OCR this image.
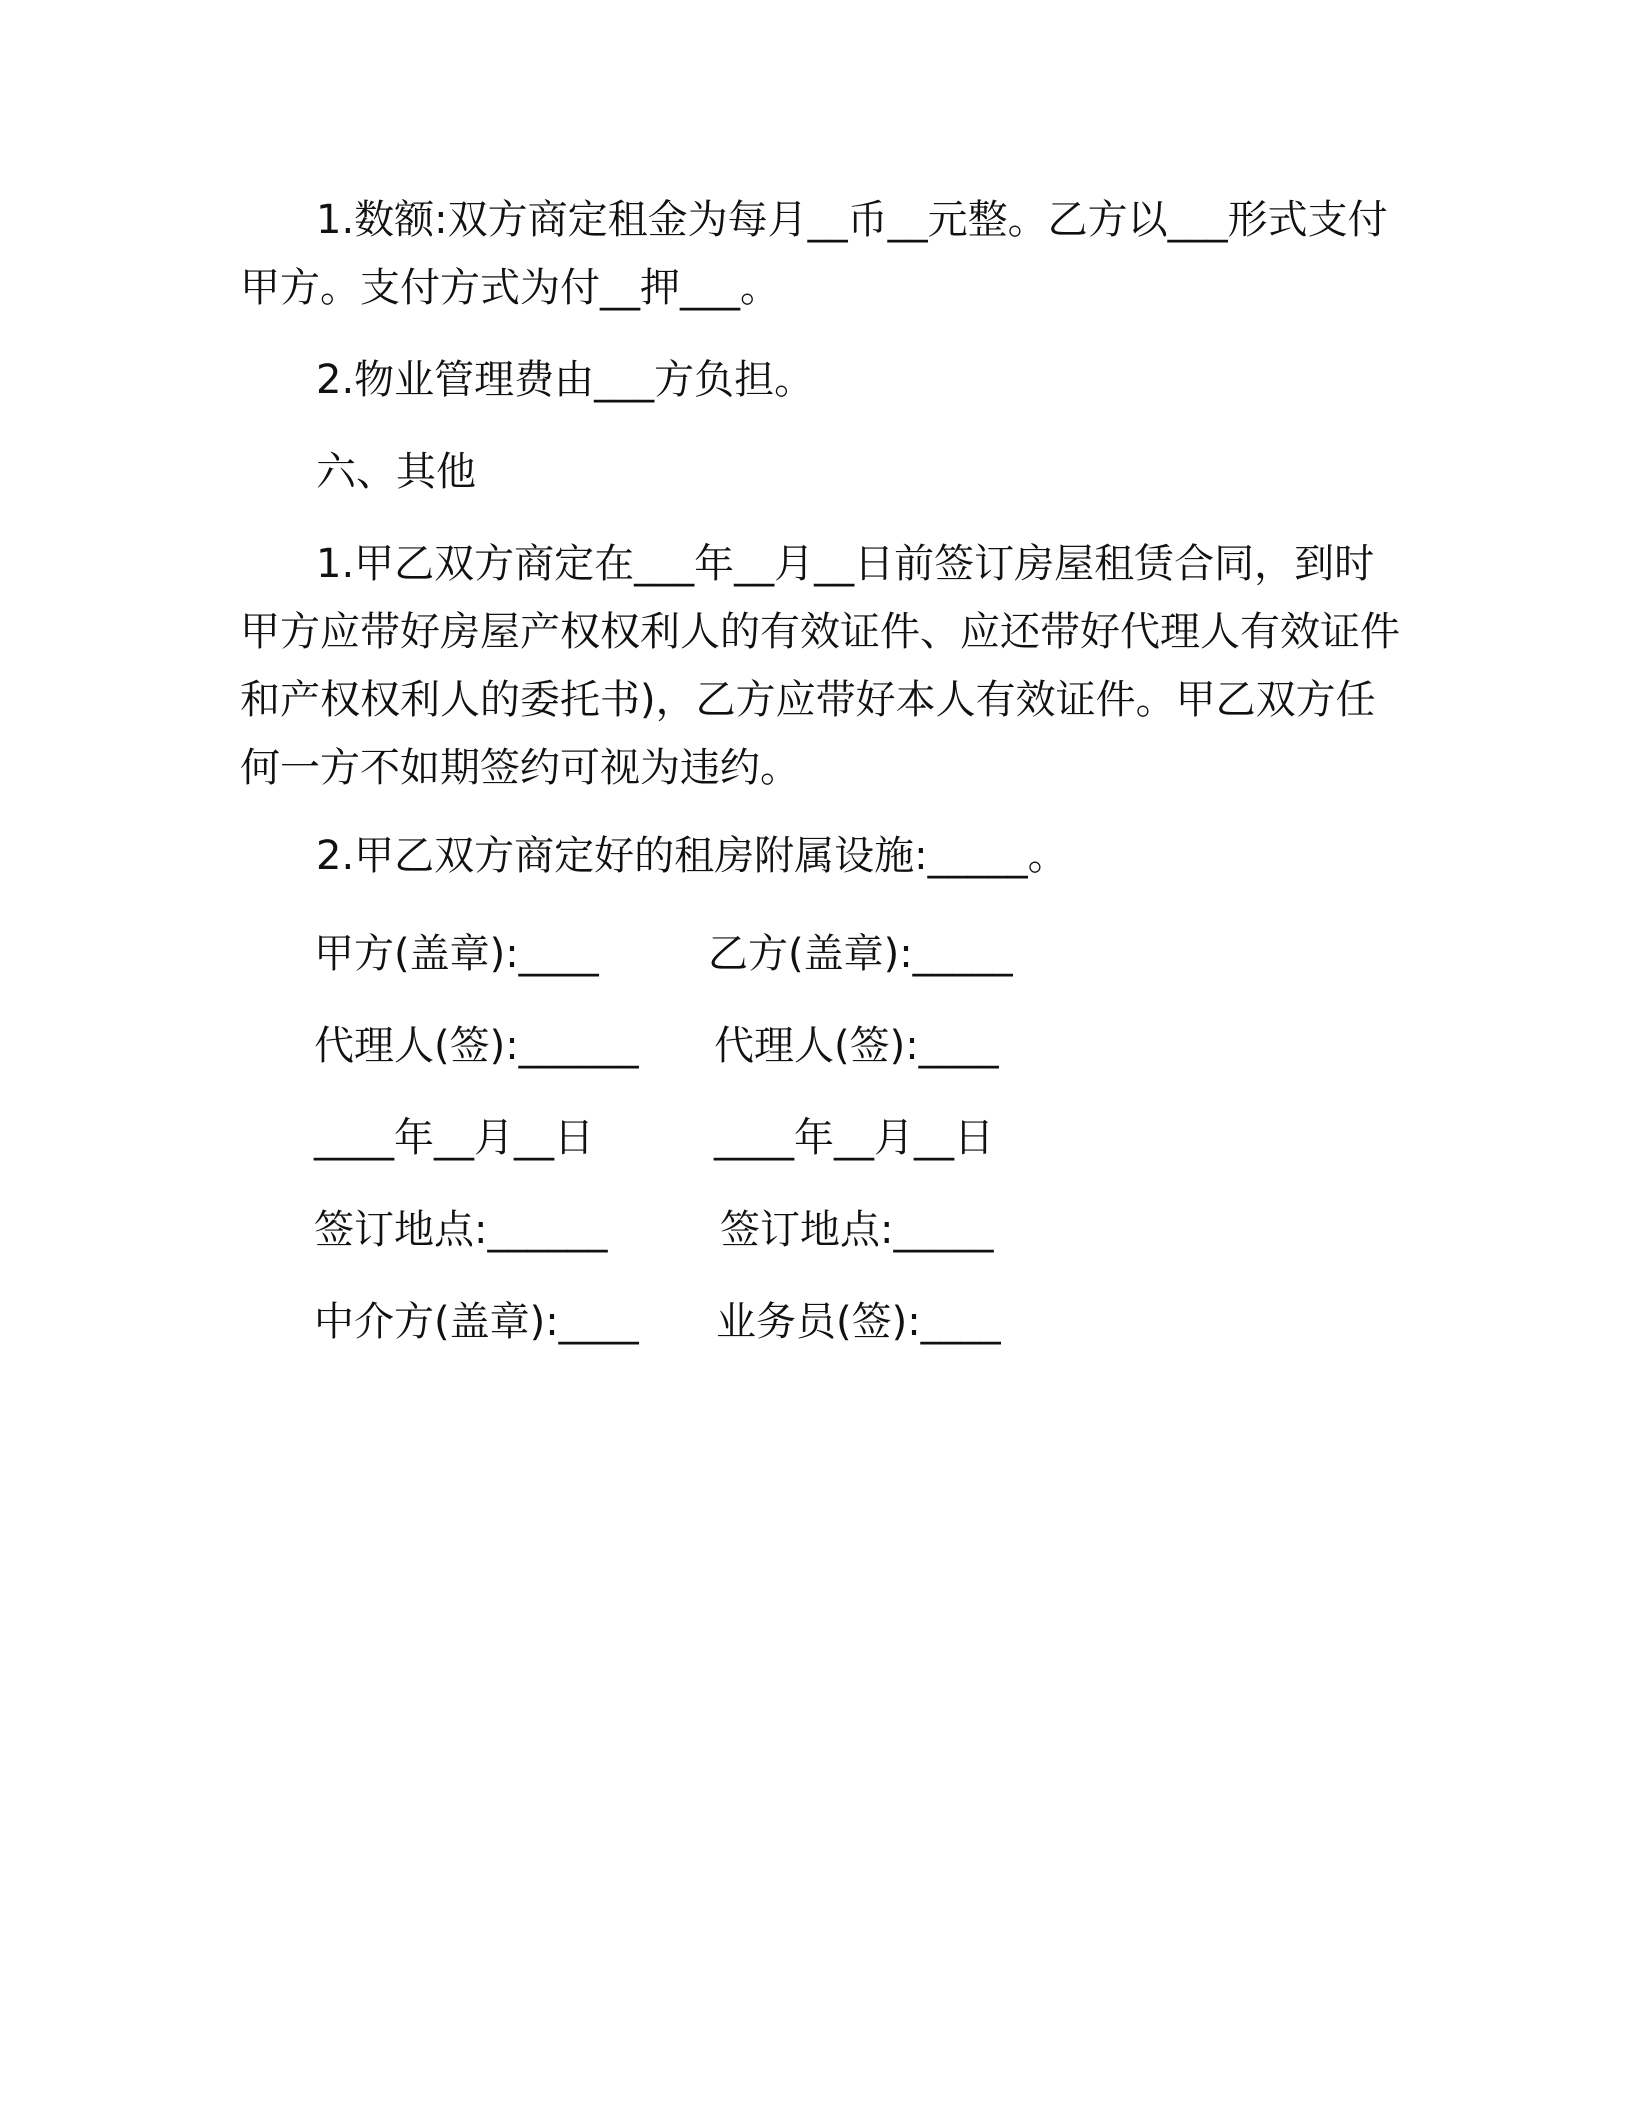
1.数额:双方商定租金为每月__币__元整。乙方以___形式支付甲方。支付方式为付__押___。

2.物业管理费由___方负担。

六、其他

1.甲乙双方商定在___年__月__日前签订房屋租赁合同，到时甲方应带好房屋产权权利人的有效证件、应还带好代理人有效证件和产权权利人的委托书)，乙方应带好本人有效证件。甲乙双方任何一方不如期签约可视为违约。

2.甲乙双方商定好的租房附属设施:_____。

甲方(盖章):____	乙方(盖章):_____
代理人(签):______ 代理人(签):____
____年__月__日	____年__月__日
签订地点:______	签订地点:_____
中介方(盖章):____ 业务员(签):____
